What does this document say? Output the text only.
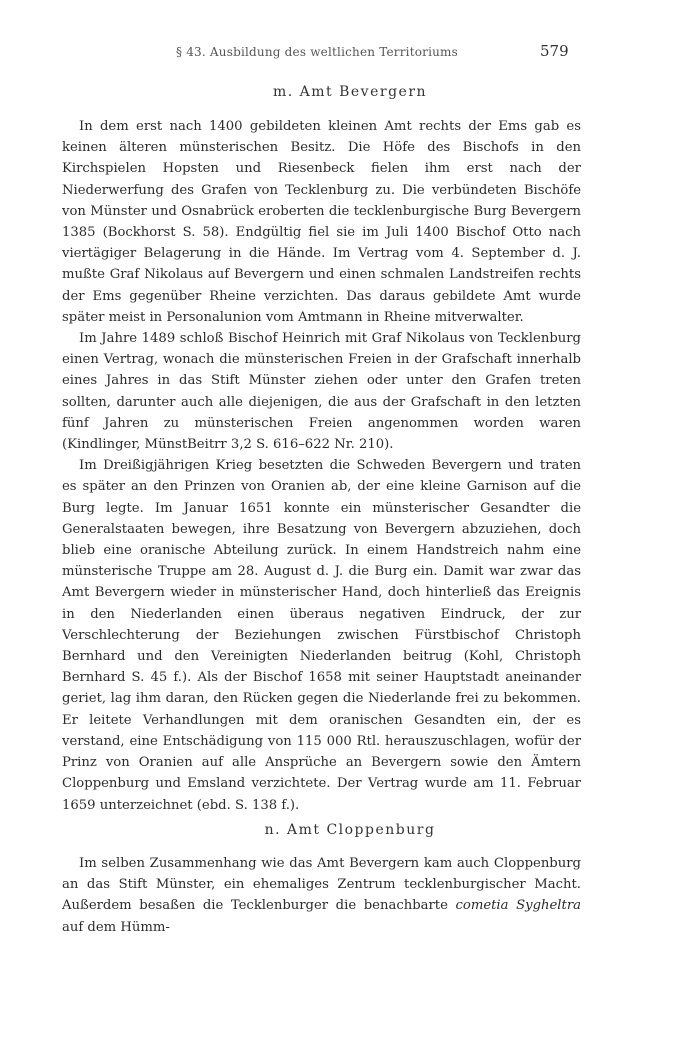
§ 43. Ausbildung des weltlichen Territoriums	579
m. Amt Bevergern

In dem erst nach 1400 gebildeten kleinen Amt rechts der Ems gab es keinen älteren münsterischen Besitz. Die Höfe des Bischofs in den Kirchspielen Hopsten und Riesenbeck fielen ihm erst nach der Niederwerfung des Grafen von Tecklenburg zu. Die verbündeten Bischöfe von Münster und Osnabrück eroberten die tecklenburgische Burg Bevergern 1385 (Bockhorst S. 58). Endgültig fiel sie im Juli 1400 Bischof Otto nach viertägiger Belagerung in die Hände. Im Vertrag vom 4. September d. J. mußte Graf Nikolaus auf Bevergern und einen schmalen Landstreifen rechts der Ems gegenüber Rheine verzichten. Das daraus gebildete Amt wurde später meist in Personalunion vom Amtmann in Rheine mitverwalter.

Im Jahre 1489 schloß Bischof Heinrich mit Graf Nikolaus von Tecklenburg einen Vertrag, wonach die münsterischen Freien in der Grafschaft innerhalb eines Jahres in das Stift Münster ziehen oder unter den Grafen treten sollten, darunter auch alle diejenigen, die aus der Grafschaft in den letzten fünf Jahren zu münsterischen Freien angenommen worden waren (Kindlinger, MünstBeitrr 3,2 S. 616–622 Nr. 210).

Im Dreißigjährigen Krieg besetzten die Schweden Bevergern und traten es später an den Prinzen von Oranien ab, der eine kleine Garnison auf die Burg legte. Im Januar 1651 konnte ein münsterischer Gesandter die Generalstaaten bewegen, ihre Besatzung von Bevergern abzuziehen, doch blieb eine oranische Abteilung zurück. In einem Handstreich nahm eine münsterische Truppe am 28. August d. J. die Burg ein. Damit war zwar das Amt Bevergern wieder in münsterischer Hand, doch hinterließ das Ereignis in den Niederlanden einen überaus negativen Eindruck, der zur Verschlechterung der Beziehungen zwischen Fürstbischof Christoph Bernhard und den Vereinigten Niederlanden beitrug (Kohl, Christoph Bernhard S. 45 f.). Als der Bischof 1658 mit seiner Hauptstadt aneinander geriet, lag ihm daran, den Rücken gegen die Niederlande frei zu bekommen. Er leitete Verhandlungen mit dem oranischen Gesandten ein, der es verstand, eine Entschädigung von 115 000 Rtl. herauszuschlagen, wofür der Prinz von Oranien auf alle Ansprüche an Bevergern sowie den Ämtern Cloppenburg und Emsland verzichtete. Der Vertrag wurde am 11. Februar 1659 unterzeichnet (ebd. S. 138 f.).

n. Amt Cloppenburg

Im selben Zusammenhang wie das Amt Bevergern kam auch Cloppenburg an das Stift Münster, ein ehemaliges Zentrum tecklenburgischer Macht. Außerdem besaßen die Tecklenburger die benachbarte cometia Sygheltra auf dem Hümm-
